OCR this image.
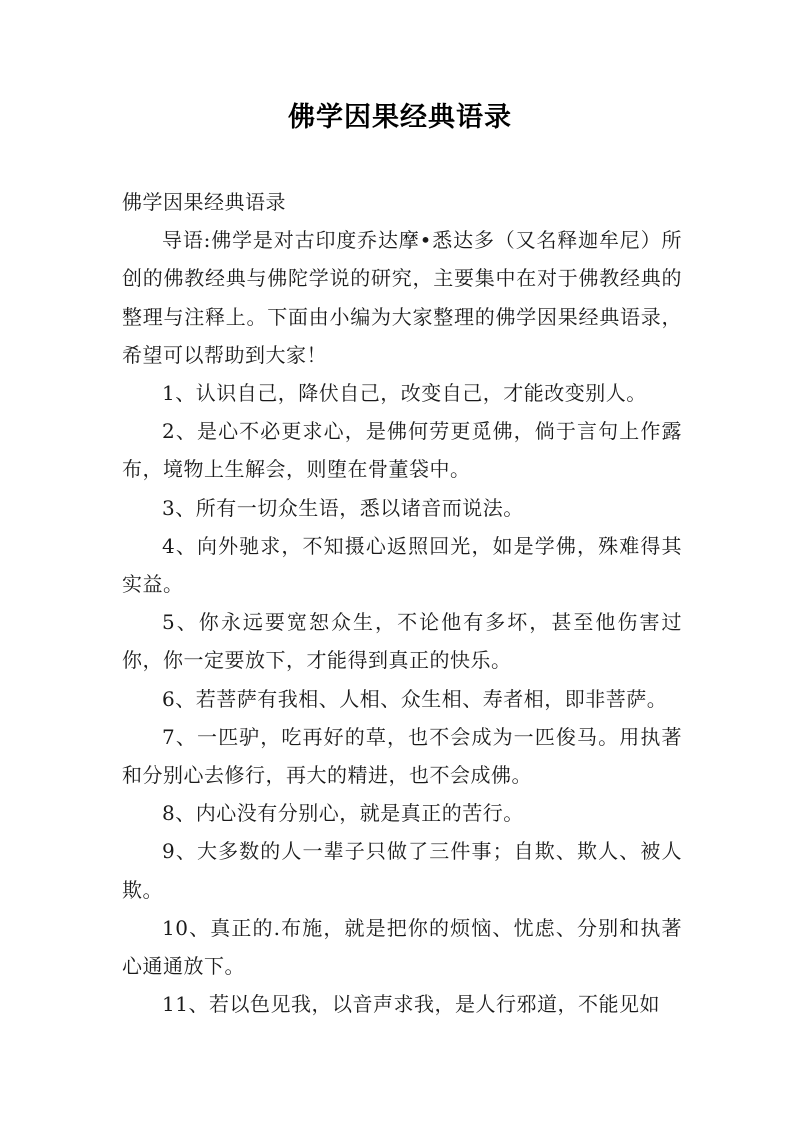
佛学因果经典语录

佛学因果经典语录

导语:佛学是对古印度乔达摩•悉达多（又名释迦牟尼）所创的佛教经典与佛陀学说的研究，主要集中在对于佛教经典的整理与注释上。下面由小编为大家整理的佛学因果经典语录，希望可以帮助到大家！

1、认识自己，降伏自己，改变自己，才能改变别人。

2、是心不必更求心，是佛何劳更觅佛，倘于言句上作露布，境物上生解会，则堕在骨董袋中。

3、所有一切众生语，悉以诸音而说法。

4、向外驰求，不知摄心返照回光，如是学佛，殊难得其实益。

5、你永远要宽恕众生，不论他有多坏，甚至他伤害过你，你一定要放下，才能得到真正的快乐。

6、若菩萨有我相、人相、众生相、寿者相，即非菩萨。

7、一匹驴，吃再好的草，也不会成为一匹俊马。用执著和分别心去修行，再大的精进，也不会成佛。

8、内心没有分别心，就是真正的苦行。

9、大多数的人一辈子只做了三件事；自欺、欺人、被人欺。

10、真正的.布施，就是把你的烦恼、忧虑、分别和执著心通通放下。

11、若以色见我，以音声求我，是人行邪道，不能见如
